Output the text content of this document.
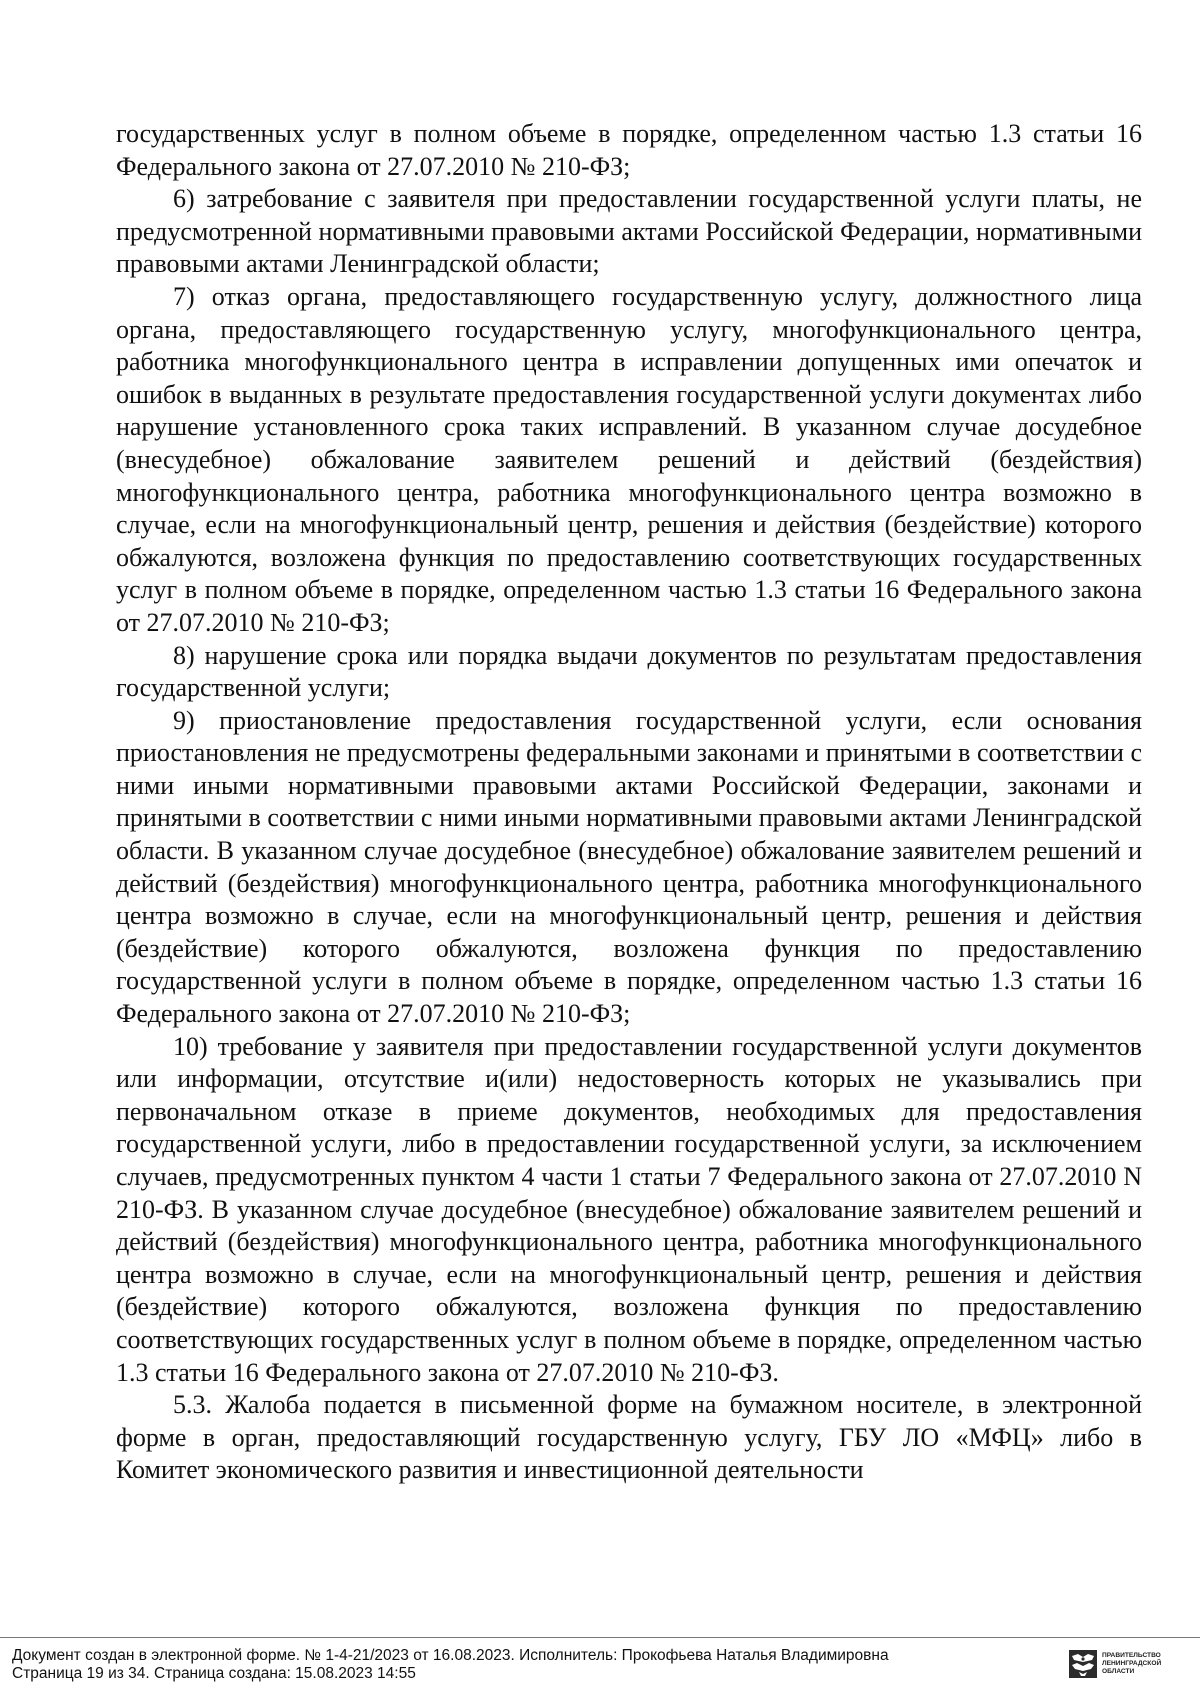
государственных услуг в полном объеме в порядке, определенном частью 1.3 статьи 16 Федерального закона от 27.07.2010 № 210-ФЗ;

6) затребование с заявителя при предоставлении государственной услуги платы, не предусмотренной нормативными правовыми актами Российской Федерации, нормативными правовыми актами Ленинградской области;

7) отказ органа, предоставляющего государственную услугу, должностного лица органа, предоставляющего государственную услугу, многофункционального центра, работника многофункционального центра в исправлении допущенных ими опечаток и ошибок в выданных в результате предоставления государственной услуги документах либо нарушение установленного срока таких исправлений. В указанном случае досудебное (внесудебное) обжалование заявителем решений и действий (бездействия) многофункционального центра, работника многофункционального центра возможно в случае, если на многофункциональный центр, решения и действия (бездействие) которого обжалуются, возложена функция по предоставлению соответствующих государственных услуг в полном объеме в порядке, определенном частью 1.3 статьи 16 Федерального закона от 27.07.2010 № 210-ФЗ;

8) нарушение срока или порядка выдачи документов по результатам предоставления государственной услуги;

9) приостановление предоставления государственной услуги, если основания приостановления не предусмотрены федеральными законами и принятыми в соответствии с ними иными нормативными правовыми актами Российской Федерации, законами и принятыми в соответствии с ними иными нормативными правовыми актами Ленинградской области. В указанном случае досудебное (внесудебное) обжалование заявителем решений и действий (бездействия) многофункционального центра, работника многофункционального центра возможно в случае, если на многофункциональный центр, решения и действия (бездействие) которого обжалуются, возложена функция по предоставлению государственной услуги в полном объеме в порядке, определенном частью 1.3 статьи 16 Федерального закона от 27.07.2010 № 210-ФЗ;

10) требование у заявителя при предоставлении государственной услуги документов или информации, отсутствие и(или) недостоверность которых не указывались при первоначальном отказе в приеме документов, необходимых для предоставления государственной услуги, либо в предоставлении государственной услуги, за исключением случаев, предусмотренных пунктом 4 части 1 статьи 7 Федерального закона от 27.07.2010 N 210-ФЗ. В указанном случае досудебное (внесудебное) обжалование заявителем решений и действий (бездействия) многофункционального центра, работника многофункционального центра возможно в случае, если на многофункциональный центр, решения и действия (бездействие) которого обжалуются, возложена функция по предоставлению соответствующих государственных услуг в полном объеме в порядке, определенном частью 1.3 статьи 16 Федерального закона от 27.07.2010 № 210-ФЗ.

5.3. Жалоба подается в письменной форме на бумажном носителе, в электронной форме в орган, предоставляющий государственную услугу, ГБУ ЛО «МФЦ» либо в Комитет экономического развития и инвестиционной деятельности

Документ создан в электронной форме. № 1-4-21/2023 от 16.08.2023. Исполнитель: Прокофьева Наталья Владимировна
Страница 19 из 34. Страница создана: 15.08.2023 14:55
ПРАВИТЕЛЬСТВО
ЛЕНИНГРАДСКОЙ
ОБЛАСТИ
